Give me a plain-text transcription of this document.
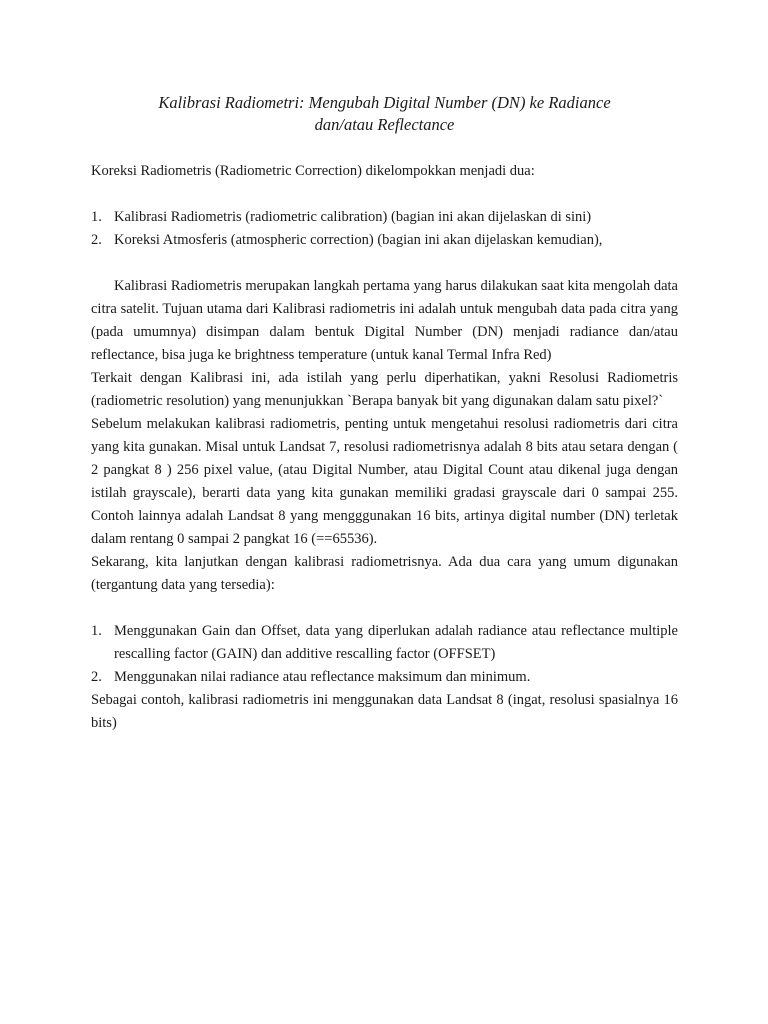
Kalibrasi Radiometri: Mengubah Digital Number (DN) ke Radiance
dan/atau Reflectance

Koreksi Radiometris (Radiometric Correction) dikelompokkan menjadi dua:

1. Kalibrasi Radiometris (radiometric calibration) (bagian ini akan dijelaskan di sini)
2. Koreksi Atmosferis (atmospheric correction) (bagian ini akan dijelaskan kemudian),

Kalibrasi Radiometris merupakan langkah pertama yang harus dilakukan saat kita mengolah data citra satelit. Tujuan utama dari Kalibrasi radiometris ini adalah untuk mengubah data pada citra yang (pada umumnya) disimpan dalam bentuk Digital Number (DN) menjadi radiance dan/atau reflectance, bisa juga ke brightness temperature (untuk kanal Termal Infra Red)

Terkait dengan Kalibrasi ini, ada istilah yang perlu diperhatikan, yakni Resolusi Radiometris (radiometric resolution) yang menunjukkan `Berapa banyak bit yang digunakan dalam satu pixel?`

Sebelum melakukan kalibrasi radiometris, penting untuk mengetahui resolusi radiometris dari citra yang kita gunakan. Misal untuk Landsat 7, resolusi radiometrisnya adalah 8 bits atau setara dengan ( 2 pangkat 8 ) 256 pixel value, (atau Digital Number, atau Digital Count atau dikenal juga dengan istilah grayscale), berarti data yang kita gunakan memiliki gradasi grayscale dari 0 sampai 255. Contoh lainnya adalah Landsat 8 yang mengggunakan 16 bits, artinya digital number (DN) terletak dalam rentang 0 sampai 2 pangkat 16 (==65536).

Sekarang, kita lanjutkan dengan kalibrasi radiometrisnya. Ada dua cara yang umum digunakan (tergantung data yang tersedia):

1. Menggunakan Gain dan Offset, data yang diperlukan adalah radiance atau reflectance multiple rescalling factor (GAIN) dan additive rescalling factor (OFFSET)
2. Menggunakan nilai radiance atau reflectance maksimum dan minimum.

Sebagai contoh, kalibrasi radiometris ini menggunakan data Landsat 8 (ingat, resolusi spasialnya 16 bits)
